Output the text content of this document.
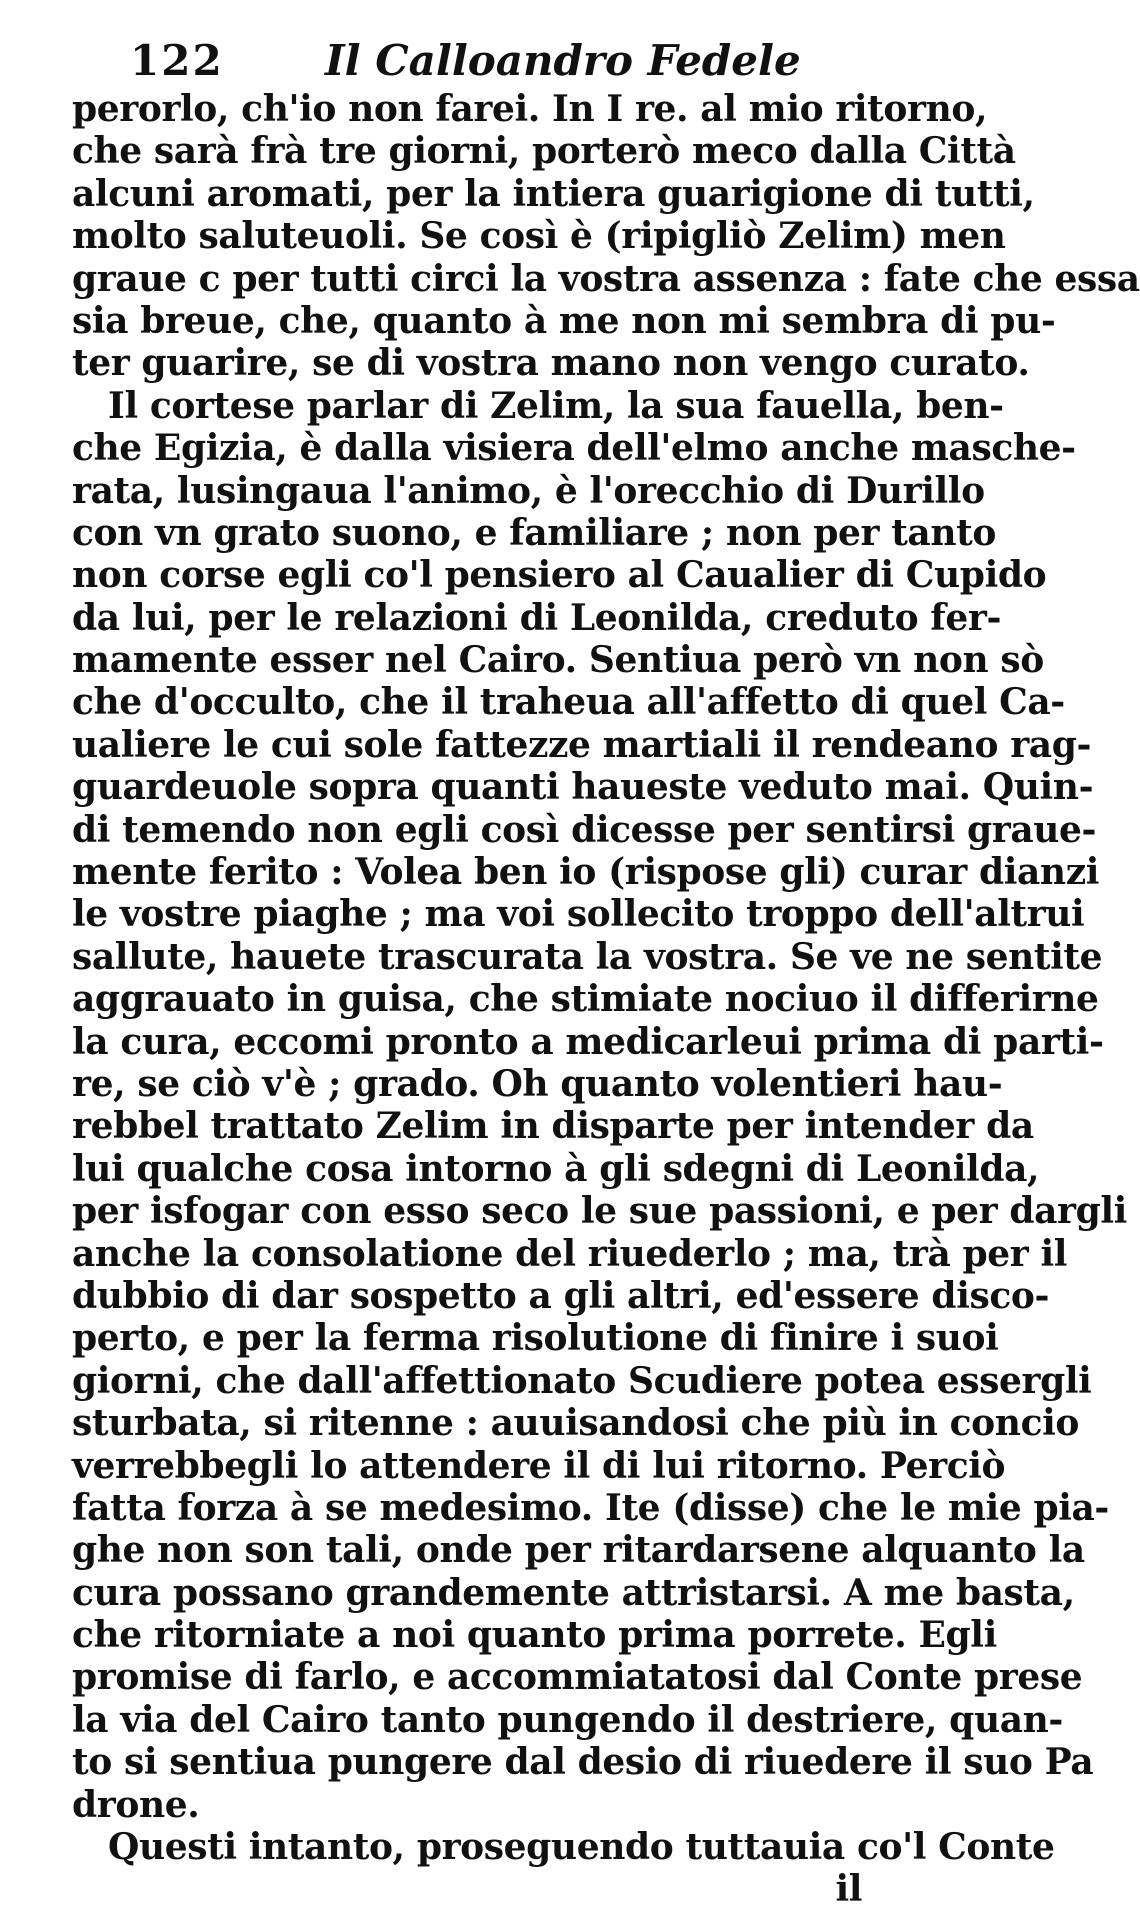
122 Il Calloandro Fedele
perorlo, ch'io non farei. In I re. al mio ritorno,
che sarà frà tre giorni, porterò meco dalla Città
alcuni aromati, per la intiera guarigione di tutti,
molto saluteuoli. Se così è (ripigliò Zelim) men
graue c per tutti circi la vostra assenza : fate che essa
sia breue, che, quanto à me non mi sembra di pu-
ter guarire, se di vostra mano non vengo curato.
Il cortese parlar di Zelim, la sua fauella, ben-
che Egizia, è dalla visiera dell'elmo anche masche-
rata, lusingaua l'animo, è l'orecchio di Durillo
con vn grato suono, e familiare ; non per tanto
non corse egli co'l pensiero al Caualier di Cupido
da lui, per le relazioni di Leonilda, creduto fer-
mamente esser nel Cairo. Sentiua però vn non sò
che d'occulto, che il traheua all'affetto di quel Ca-
ualiere le cui sole fattezze martiali il rendeano rag-
guardeuole sopra quanti haueste veduto mai. Quin-
di temendo non egli così dicesse per sentirsi graue-
mente ferito : Volea ben io (rispose gli) curar dianzi
le vostre piaghe ; ma voi sollecito troppo dell'altrui
sallute, hauete trascurata la vostra. Se ve ne sentite
aggrauato in guisa, che stimiate nociuo il differirne
la cura, eccomi pronto a medicarleui prima di parti-
re, se ciò v'è ; grado. Oh quanto volentieri hau-
rebbel trattato Zelim in disparte per intender da
lui qualche cosa intorno à gli sdegni di Leonilda,
per isfogar con esso seco le sue passioni, e per dargli
anche la consolatione del riuederlo ; ma, trà per il
dubbio di dar sospetto a gli altri, ed'essere disco-
perto, e per la ferma risolutione di finire i suoi
giorni, che dall'affettionato Scudiere potea essergli
sturbata, si ritenne : auuisandosi che più in concio
verrebbegli lo attendere il di lui ritorno. Perciò
fatta forza à se medesimo. Ite (disse) che le mie pia-
ghe non son tali, onde per ritardarsene alquanto la
cura possano grandemente attristarsi. A me basta,
che ritorniate a noi quanto prima porrete. Egli
promise di farlo, e accommiatatosi dal Conte prese
la via del Cairo tanto pungendo il destriere, quan-
to si sentiua pungere dal desio di riuedere il suo Pa
drone.
Questi intanto, proseguendo tuttauia co'l Conte
il
